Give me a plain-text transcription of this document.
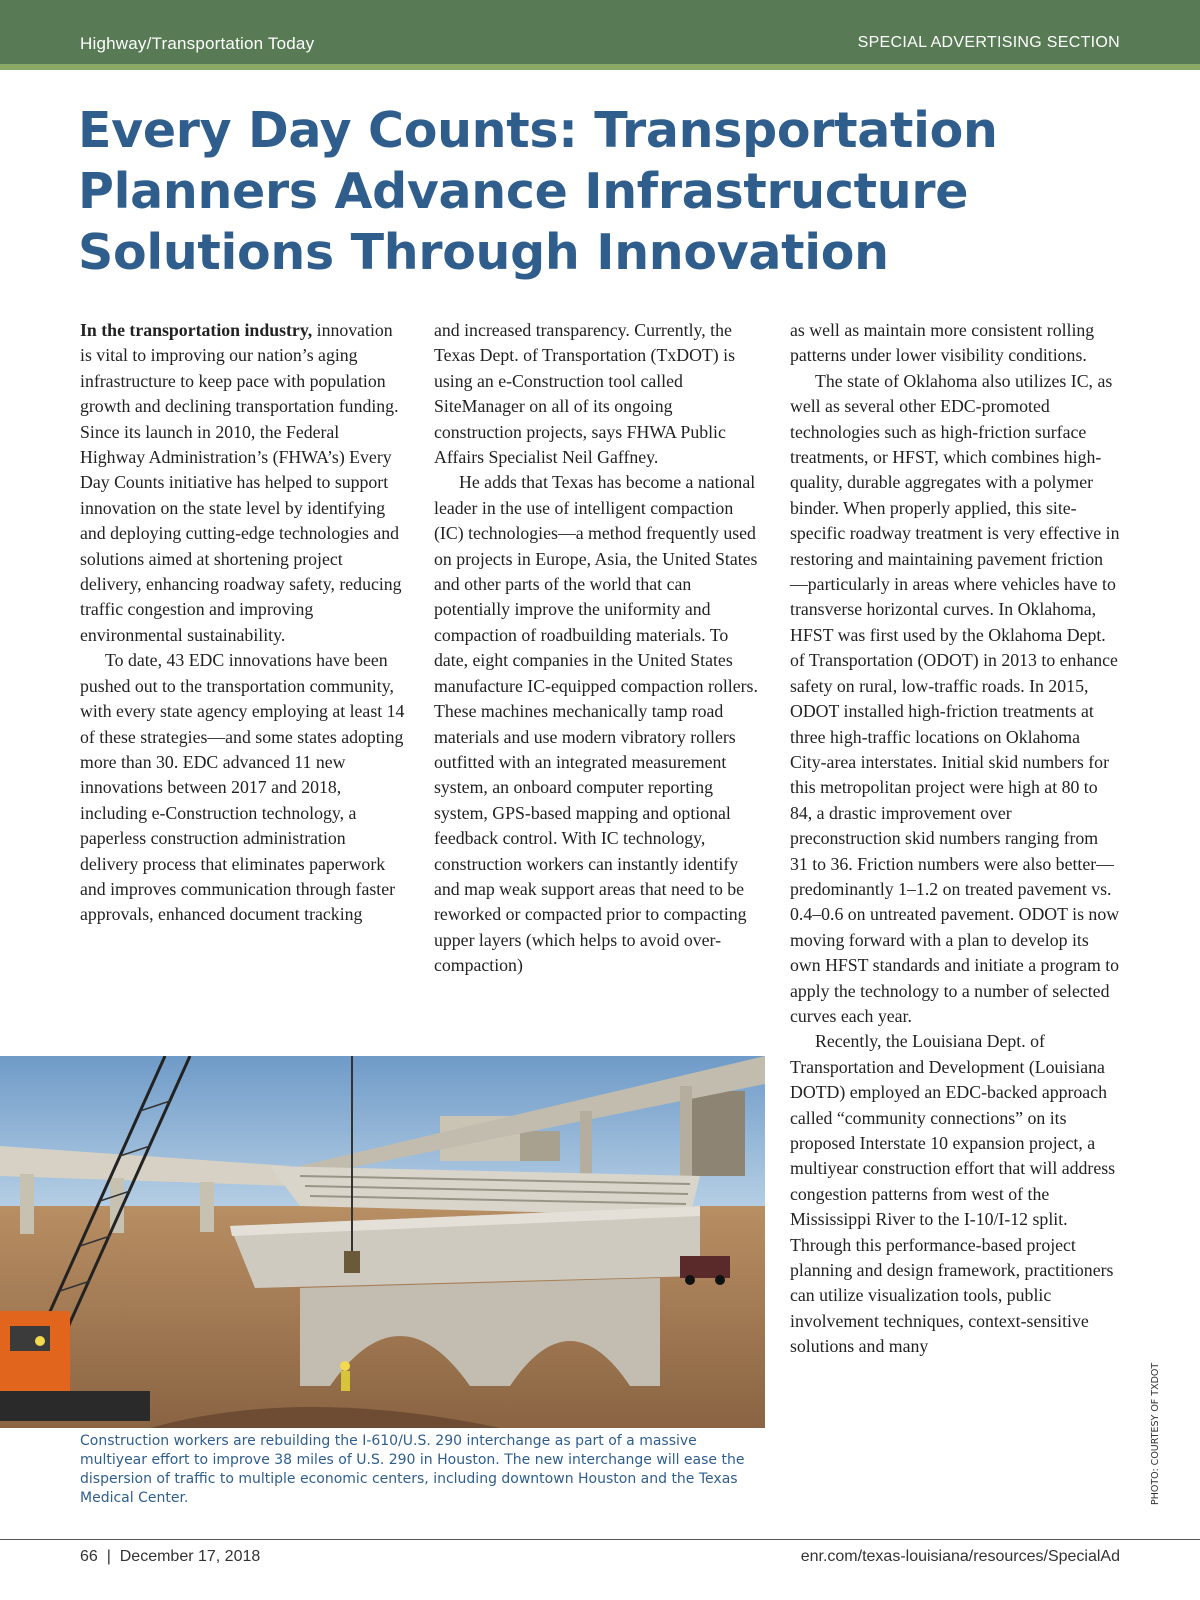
Highway/Transportation Today	SPECIAL ADVERTISING SECTION
Every Day Counts: Transportation Planners Advance Infrastructure Solutions Through Innovation

In the transportation industry, innovation is vital to improving our nation’s aging infrastructure to keep pace with population growth and declining transportation funding. Since its launch in 2010, the Federal Highway Administration’s (FHWA’s) Every Day Counts initiative has helped to support innovation on the state level by identifying and deploying cutting-edge technologies and solutions aimed at shortening project delivery, enhancing roadway safety, reducing traffic congestion and improving environmental sustainability.

To date, 43 EDC innovations have been pushed out to the transportation community, with every state agency employing at least 14 of these strategies—and some states adopting more than 30. EDC advanced 11 new innovations between 2017 and 2018, including e-Construction technology, a paperless construction administration delivery process that eliminates paperwork and improves communication through faster approvals, enhanced document tracking

and increased transparency. Currently, the Texas Dept. of Transportation (TxDOT) is using an e-Construction tool called SiteManager on all of its ongoing construction projects, says FHWA Public Affairs Specialist Neil Gaffney.

He adds that Texas has become a national leader in the use of intelligent compaction (IC) technologies—a method frequently used on projects in Europe, Asia, the United States and other parts of the world that can potentially improve the uniformity and compaction of roadbuilding materials. To date, eight companies in the United States manufacture IC-equipped compaction rollers. These machines mechanically tamp road materials and use modern vibratory rollers outfitted with an integrated measurement system, an onboard computer reporting system, GPS-based mapping and optional feedback control. With IC technology, construction workers can instantly identify and map weak support areas that need to be reworked or compacted prior to compacting upper layers (which helps to avoid over-compaction)

as well as maintain more consistent rolling patterns under lower visibility conditions.

The state of Oklahoma also utilizes IC, as well as several other EDC-promoted technologies such as high-friction surface treatments, or HFST, which combines high-quality, durable aggregates with a polymer binder. When properly applied, this site-specific roadway treatment is very effective in restoring and maintaining pavement friction—particularly in areas where vehicles have to transverse horizontal curves. In Oklahoma, HFST was first used by the Oklahoma Dept. of Transportation (ODOT) in 2013 to enhance safety on rural, low-traffic roads. In 2015, ODOT installed high-friction treatments at three high-traffic locations on Oklahoma City-area interstates. Initial skid numbers for this metropolitan project were high at 80 to 84, a drastic improvement over preconstruction skid numbers ranging from 31 to 36. Friction numbers were also better—predominantly 1–1.2 on treated pavement vs. 0.4–0.6 on untreated pavement. ODOT is now moving forward with a plan to develop its own HFST standards and initiate a program to apply the technology to a number of selected curves each year.

Recently, the Louisiana Dept. of Transportation and Development (Louisiana DOTD) employed an EDC-backed approach called “community connections” on its proposed Interstate 10 expansion project, a multiyear construction effort that will address congestion patterns from west of the Mississippi River to the I-10/I-12 split. Through this performance-based project planning and design framework, practitioners can utilize visualization tools, public involvement techniques, context-sensitive solutions and many

Construction workers are rebuilding the I-610/U.S. 290 interchange as part of a massive multiyear effort to improve 38 miles of U.S. 290 in Houston. The new interchange will ease the dispersion of traffic to multiple economic centers, including downtown Houston and the Texas Medical Center.	PHOTO: COURTESY OF TXDOT
66  |  December 17, 2018	enr.com/texas-louisiana/resources/SpecialAd
